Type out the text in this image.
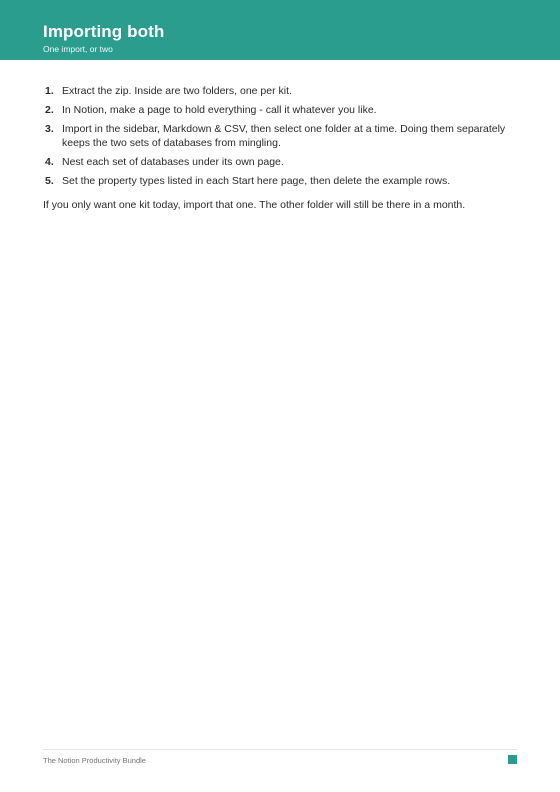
Importing both
One import, or two
1. Extract the zip. Inside are two folders, one per kit.
2. In Notion, make a page to hold everything - call it whatever you like.
3. Import in the sidebar, Markdown & CSV, then select one folder at a time. Doing them separately keeps the two sets of databases from mingling.
4. Nest each set of databases under its own page.
5. Set the property types listed in each Start here page, then delete the example rows.

If you only want one kit today, import that one. The other folder will still be there in a month.

The Notion Productivity Bundle
